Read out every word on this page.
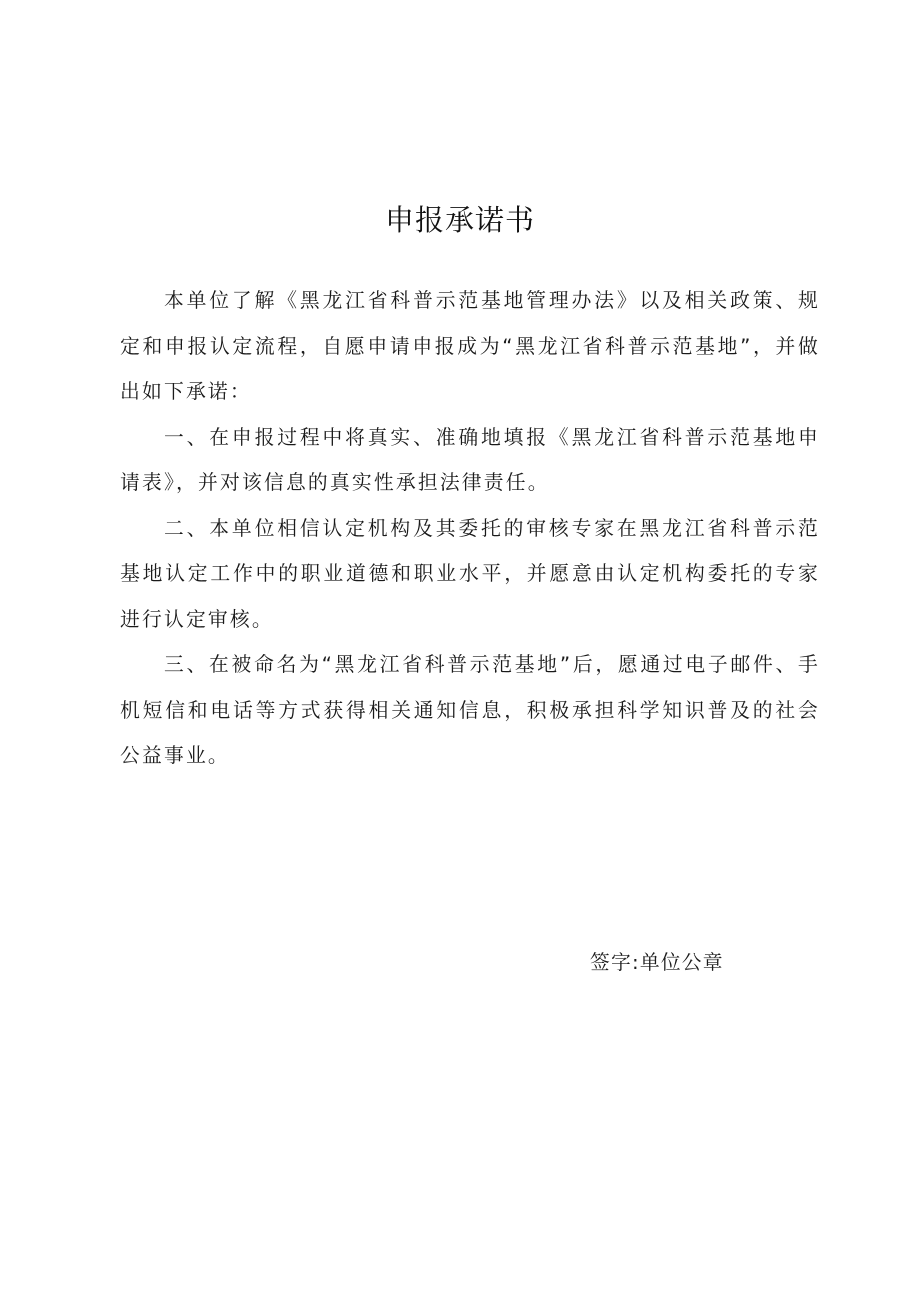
申报承诺书

本单位了解《黑龙江省科普示范基地管理办法》以及相关政策、规定和申报认定流程，自愿申请申报成为“黑龙江省科普示范基地”，并做出如下承诺：

一、在申报过程中将真实、准确地填报《黑龙江省科普示范基地申请表》，并对该信息的真实性承担法律责任。

二、本单位相信认定机构及其委托的审核专家在黑龙江省科普示范基地认定工作中的职业道德和职业水平，并愿意由认定机构委托的专家进行认定审核。

三、在被命名为“黑龙江省科普示范基地”后，愿通过电子邮件、手机短信和电话等方式获得相关通知信息，积极承担科学知识普及的社会公益事业。

签字:单位公章
